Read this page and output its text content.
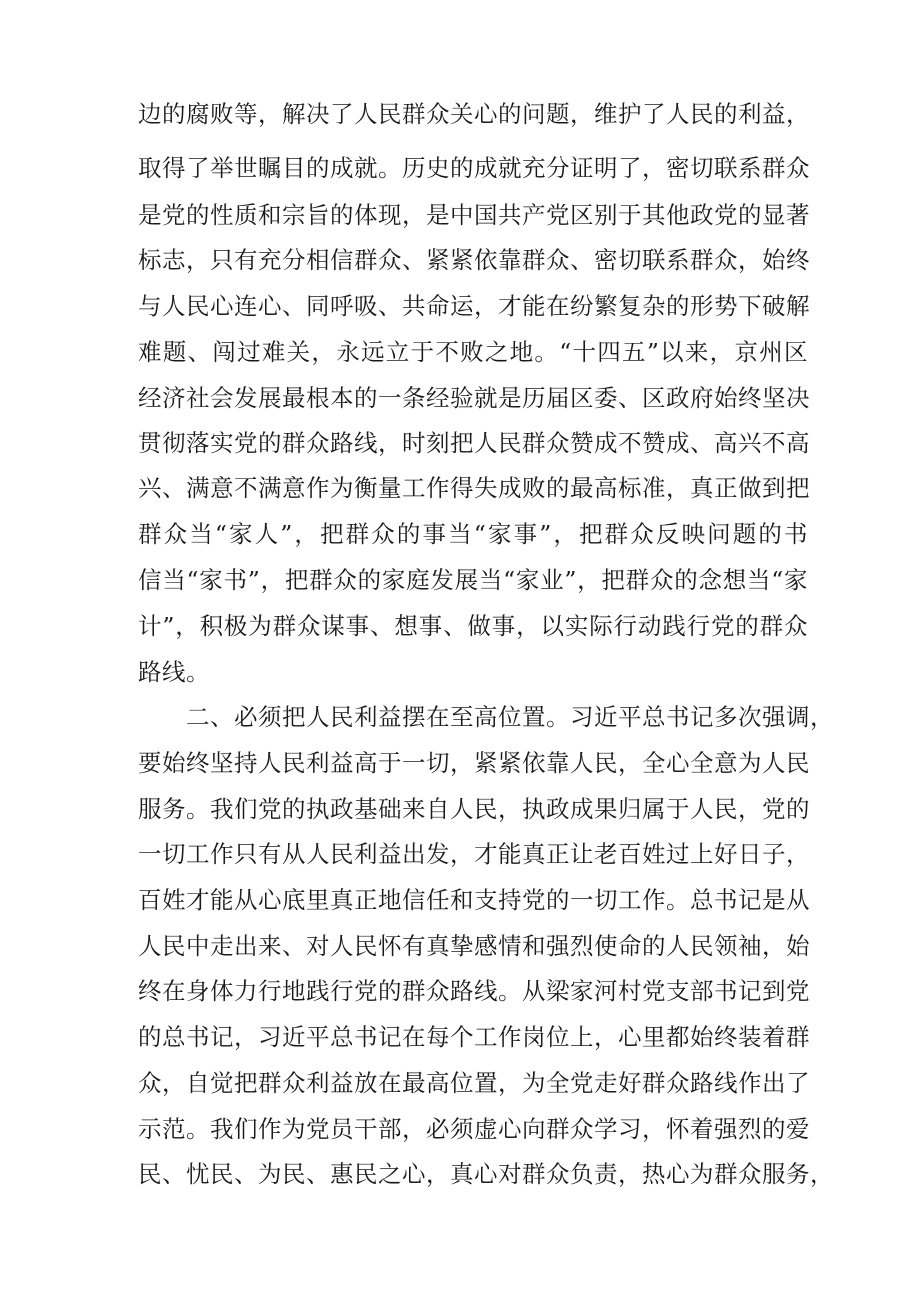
边的腐败等，解决了人民群众关心的问题，维护了人民的利益，
取得了举世瞩目的成就。历史的成就充分证明了，密切联系群众
是党的性质和宗旨的体现，是中国共产党区别于其他政党的显著
标志，只有充分相信群众、紧紧依靠群众、密切联系群众，始终
与人民心连心、同呼吸、共命运，才能在纷繁复杂的形势下破解
难题、闯过难关，永远立于不败之地。“十四五”以来，京州区
经济社会发展最根本的一条经验就是历届区委、区政府始终坚决
贯彻落实党的群众路线，时刻把人民群众赞成不赞成、高兴不高
兴、满意不满意作为衡量工作得失成败的最高标准，真正做到把
群众当“家人”，把群众的事当“家事”，把群众反映问题的书
信当“家书”，把群众的家庭发展当“家业”，把群众的念想当“家
计”，积极为群众谋事、想事、做事，以实际行动践行党的群众
路线。
二、必须把人民利益摆在至高位置。习近平总书记多次强调，
要始终坚持人民利益高于一切，紧紧依靠人民，全心全意为人民
服务。我们党的执政基础来自人民，执政成果归属于人民，党的
一切工作只有从人民利益出发，才能真正让老百姓过上好日子，
百姓才能从心底里真正地信任和支持党的一切工作。总书记是从
人民中走出来、对人民怀有真挚感情和强烈使命的人民领袖，始
终在身体力行地践行党的群众路线。从梁家河村党支部书记到党
的总书记，习近平总书记在每个工作岗位上，心里都始终装着群
众，自觉把群众利益放在最高位置，为全党走好群众路线作出了
示范。我们作为党员干部，必须虚心向群众学习，怀着强烈的爱
民、忧民、为民、惠民之心，真心对群众负责，热心为群众服务，
